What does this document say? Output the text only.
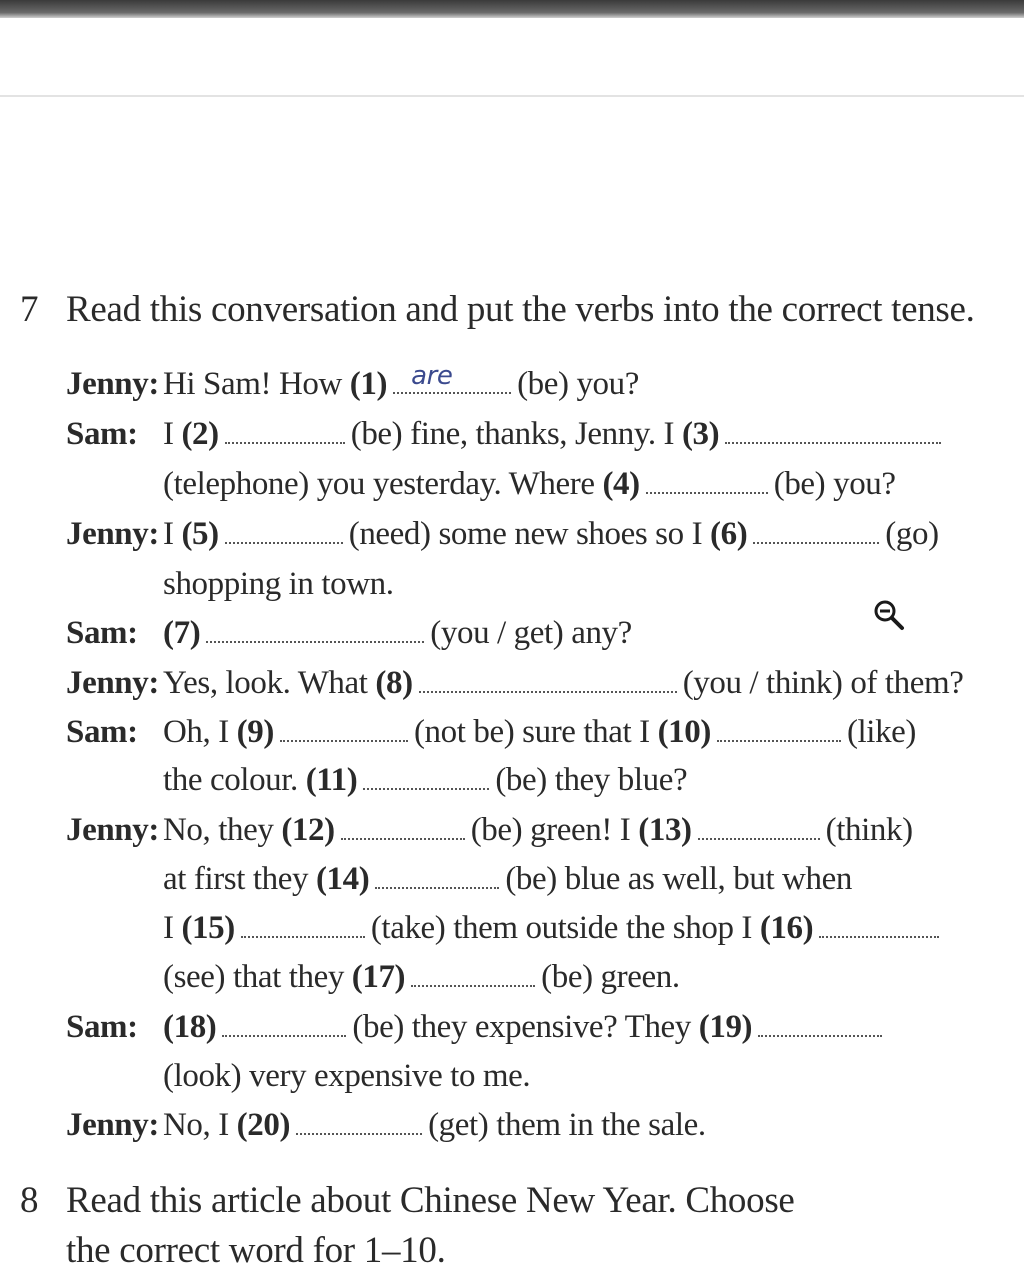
7 Read this conversation and put the verbs into the correct tense.
Jenny: Hi Sam! How (1) are (be) you?
Sam: I (2)	(be) fine, thanks, Jenny. I (3)
(telephone) you yesterday. Where (4)	(be) you?
Jenny: I (5)	(need) some new shoes so I (6)	(go)
shopping in town.
Sam: (7)	(you / get) any?
Jenny: Yes, look. What (8)	(you / think) of them?
Sam: Oh, I (9)	(not be) sure that I (10)	(like)
the colour. (11)	(be) they blue?
Jenny: No, they (12)	(be) green! I (13)	(think)
at first they (14)	(be) blue as well, but when
I (15)	(take) them outside the shop I (16)
(see) that they (17)	(be) green.
Sam: (18)	(be) they expensive? They (19)
(look) very expensive to me.
Jenny: No, I (20)	(get) them in the sale.
8 Read this article about Chinese New Year. Choose
the correct word for 1–10.
